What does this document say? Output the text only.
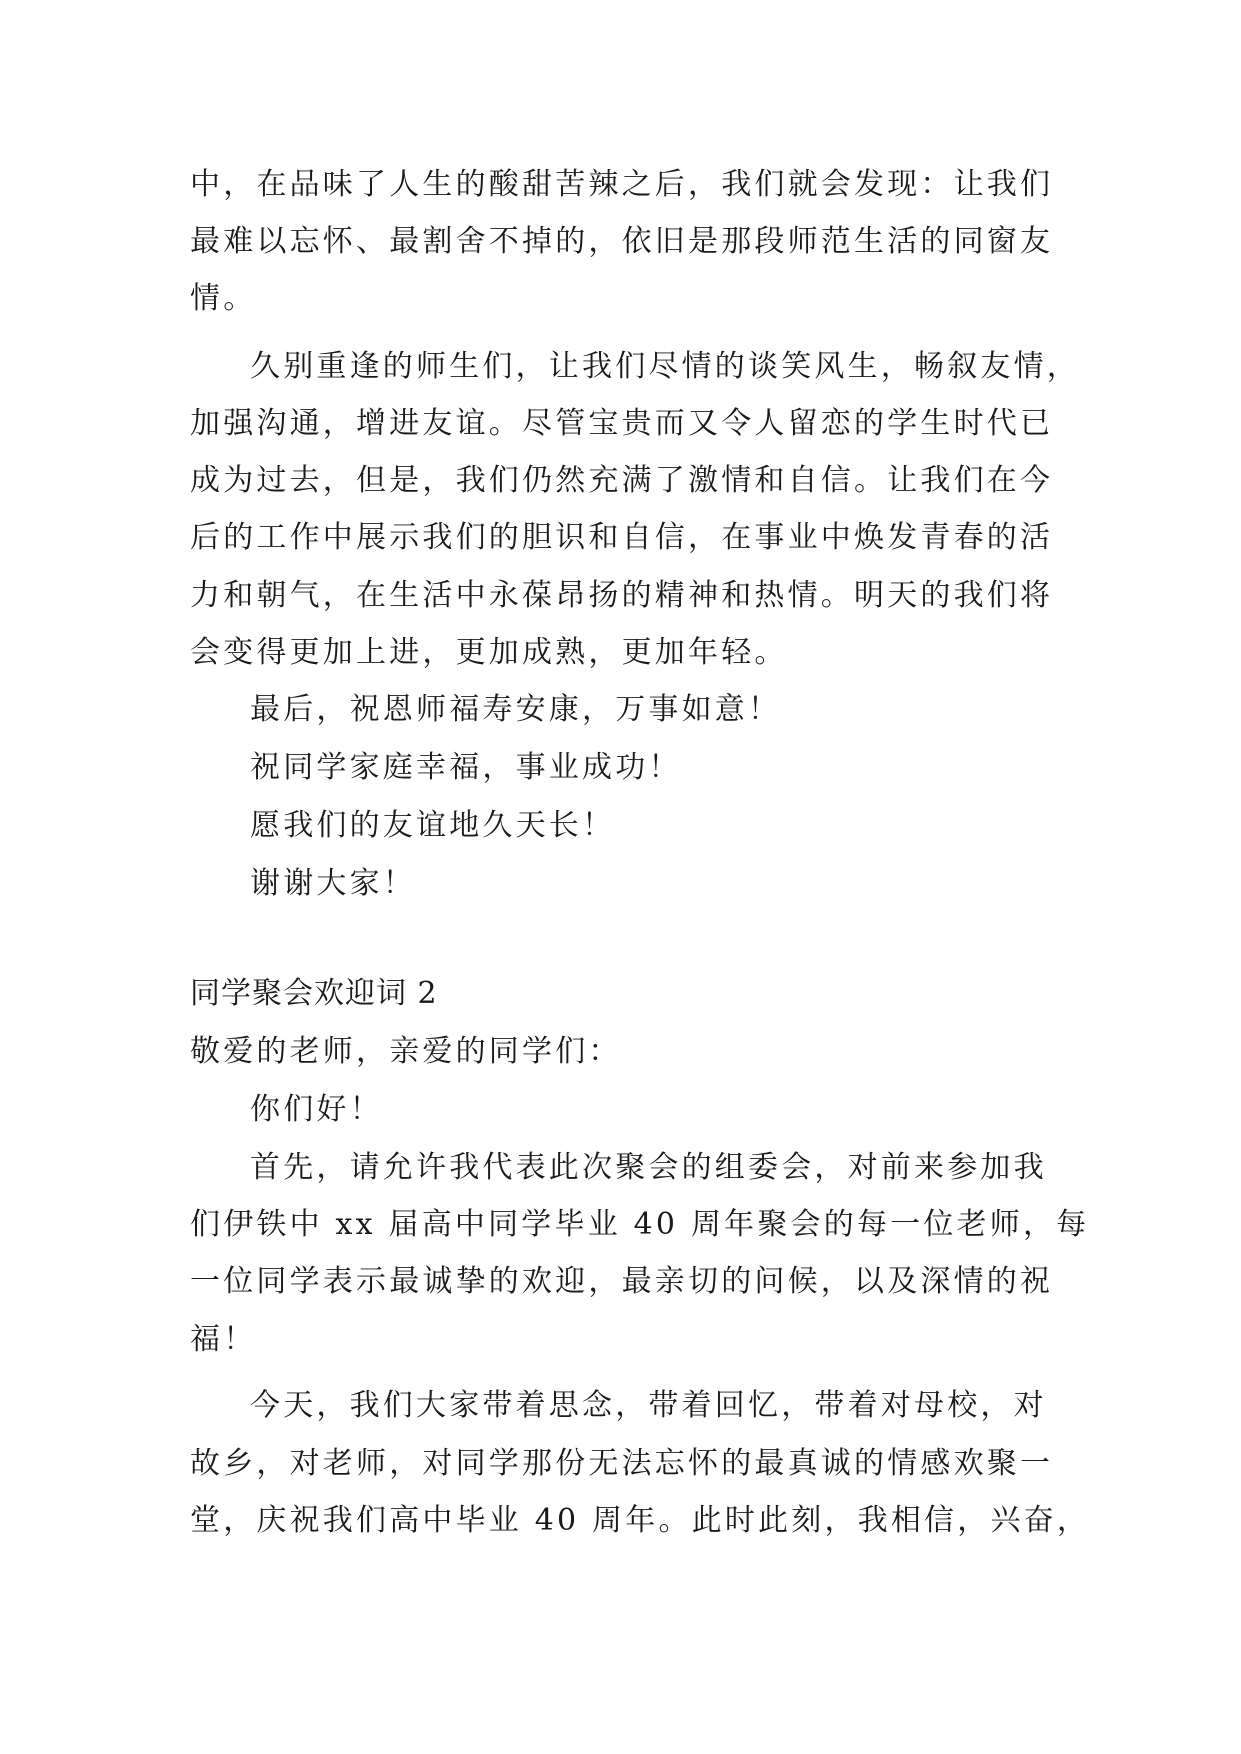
中，在品味了人生的酸甜苦辣之后，我们就会发现：让我们
最难以忘怀、最割舍不掉的，依旧是那段师范生活的同窗友
情。
久别重逢的师生们，让我们尽情的谈笑风生，畅叙友情，
加强沟通，增进友谊。尽管宝贵而又令人留恋的学生时代已
成为过去，但是，我们仍然充满了激情和自信。让我们在今
后的工作中展示我们的胆识和自信，在事业中焕发青春的活
力和朝气，在生活中永葆昂扬的精神和热情。明天的我们将
会变得更加上进，更加成熟，更加年轻。
最后，祝恩师福寿安康，万事如意！
祝同学家庭幸福，事业成功！
愿我们的友谊地久天长！
谢谢大家！
同学聚会欢迎词 2
敬爱的老师，亲爱的同学们：
你们好！
首先，请允许我代表此次聚会的组委会，对前来参加我
们伊铁中 xx 届高中同学毕业 40 周年聚会的每一位老师，每
一位同学表示最诚挚的欢迎，最亲切的问候，以及深情的祝
福！
今天，我们大家带着思念，带着回忆，带着对母校，对
故乡，对老师，对同学那份无法忘怀的最真诚的情感欢聚一
堂，庆祝我们高中毕业 40 周年。此时此刻，我相信，兴奋，
